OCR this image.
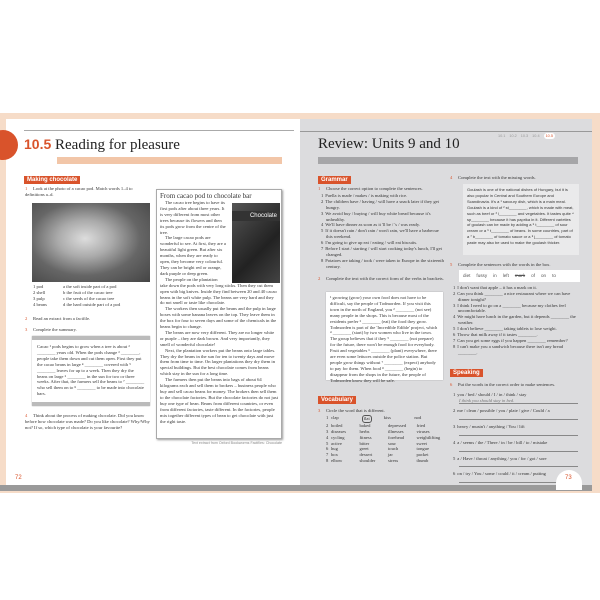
10.5 Reading for pleasure
Making chocolate
1 Look at the photo of a cacao pod. Match words 1–4 to definitions a–d.
1 pod	a the soft inside part of a pod
2 shell	b the fruit of the cacao tree
3 pulp	c the seeds of the cacao tree
4 beans	d the hard outside part of a pod
2 Read an extract from a factfile.
3 Complete the summary.
Cacao ¹ pods begins to grow when a tree is about ² ________ years old. When the pods change ³ ________, people take them down and cut them open. First they put the cacao beans in large ⁴ ________ covered with ⁵ ________ leaves for up to a week. Then they dry the beans on large ⁶ ________ in the sun for two or three weeks. After that, the farmers sell the beans to ⁷ ________ who sell them on to ⁸ ________ to be made into chocolate bars.
4 Think about the process of making chocolate. Did you know before how chocolate was made? Do you like chocolate? Why/Why not? If so, which type of chocolate is your favourite?
From cacao pod to chocolate bar

The cacao tree begins to have its first pods after about three years. It is very different from most other trees because its flowers and then its pods grow from the centre of the tree.

The large cacao pods are wonderful to see. At first, they are a beautiful light green. But after six months, when they are ready to open, they become very colourful. They can be bright red or orange, dark purple or deep green.

The people on the plantation take down the pods with very long sticks. Then they cut them open with big knives. Inside they find between 20 and 40 cacao beans in the soft white pulp. The beans are very hard and they do not smell or taste like chocolate.

The workers then usually put the beans and the pulp in large boxes with some banana leaves on the top. They leave them in the box for four to seven days and some of the chemicals in the beans begin to change.

The beans are now very different. They are no longer white or purple – they are dark brown. And very importantly, they smell of wonderful chocolate!

Next, the plantation workers put the beans onto large tables. They dry the beans in the sun for ten to twenty days and move them from time to time. On larger plantations they dry them in special buildings. But the best chocolate comes from beans which stay in the sun for a long time.

The farmers then put the beans into bags of about 64 kilograms each and sell them to brokers – business people who buy and sell cacao beans for money. The brokers then sell them to the chocolate factories. But the chocolate factories do not just buy one type of bean. Beans from different countries, or even from different factories, taste different. In the factories, people mix together different types of bean to get chocolate with just the right taste.

Chocolate
Text extract from Oxford Bookworms Factfiles: Chocolate
72
10.1 10.2 10.3 10.4 10.5
Review: Units 9 and 10
Grammar
1 Choose the correct option to complete the sentences.
1 Paella is made / makes / is making with rice.
2 The children have / having / will have a snack later if they get hungry.
3 We avoid buy / buying / will buy white bread because it's unhealthy.
4 We'll have dinner as soon as it 'll be / 's / was ready.
5 If it doesn't rain / don't rain / won't rain, we'll have a barbecue this weekend.
6 I'm going to give up eat / eating / will eat biscuits.
7 Before I start / starting / will start cooking today's lunch, I'll get changed.
8 Potatoes are taking / took / were taken to Europe in the sixteenth century.
2 Complete the text with the correct form of the verbs in brackets.
¹ growing (grow) your own food does not have to be difficult, say the people of Todmorden. If you visit this town in the north of England, you ² ________ (not see) many people in the shops. This is because most of the residents prefer ³ ________ (eat) the food they grow. Todmorden is part of the 'Incredible Edible' project, which ⁴ ________ (start) by two women who live in the town. The group believes that if they ⁵ ________ (not prepare) for the future, there won't be enough food for everybody. Fruit and vegetables ⁶ ________ (plant) everywhere, there are even some lettuces outside the police station. But people grow things without ⁷ ________ (expect) anybody to pay for them. When food ⁸ ________ (begin) to disappear from the shops in the future, the people of Todmorden know they will be safe.
Vocabulary
3 Circle the word that is different.
1 clap	flat	kiss	nod
2 boiled	baked	depressed	fried
3 diseases	herbs	illnesses	viruses
4 cycling	fitness	forehead	weightlifting
5 active	bitter	sour	sweet
6 hug	greet	touch	tongue
7 box	dessert	jar	packet
8 elbow	shoulder	stress	thumb
4 Complete the text with the missing words.
Goulash is one of the national dishes of Hungary, but it is also popular in Central and Southern Europe and Scandinavia. It's a ¹ savoury dish, which is a main meal. Goulash is a kind of ² st________, which is made with meat, such as beef or ³ l________ and vegetables. It tastes quite ⁴ sp________ because it has paprika in it. Different varieties of goulash can be made by adding a ⁵ t________ of sour cream or a ⁶ t________ of beans. In some countries, part of a ⁷ b________ of tomato sauce or a ⁸ j________ of tomato paste may also be used to make the goulash thicker.
5 Complete the sentences with the words in the box.
diet fussy in left mark of on to
1 I don't want that apple – it has a mark on it.
2 Can you think ________ a nice restaurant where we can have dinner tonight?
3 I think I need to go on a ________ because my clothes feel uncomfortable.
4 We might have lunch in the garden, but it depends ________ the weather.
5 I don't believe ________ taking tablets to lose weight.
6 Throw that milk away if it tastes ________.
7 Can you get some eggs if you happen ________ remember?
8 I can't make you a sandwich because there isn't any bread ________.
Speaking
6 Put the words in the correct order to make sentences.
1 you / bed / should / I / in / think / stay
I think you should stay in bed.
2 me / clean / possible / you / plate / give / Could / a
3 heavy / mustn't / anything / You / lift
4 a / seems / the / There / in / be / bill / to / mistake
5 a / Have / throat / anything / you / for / got / sore
6 on / try / You / some / could / it / cream / putting
73
